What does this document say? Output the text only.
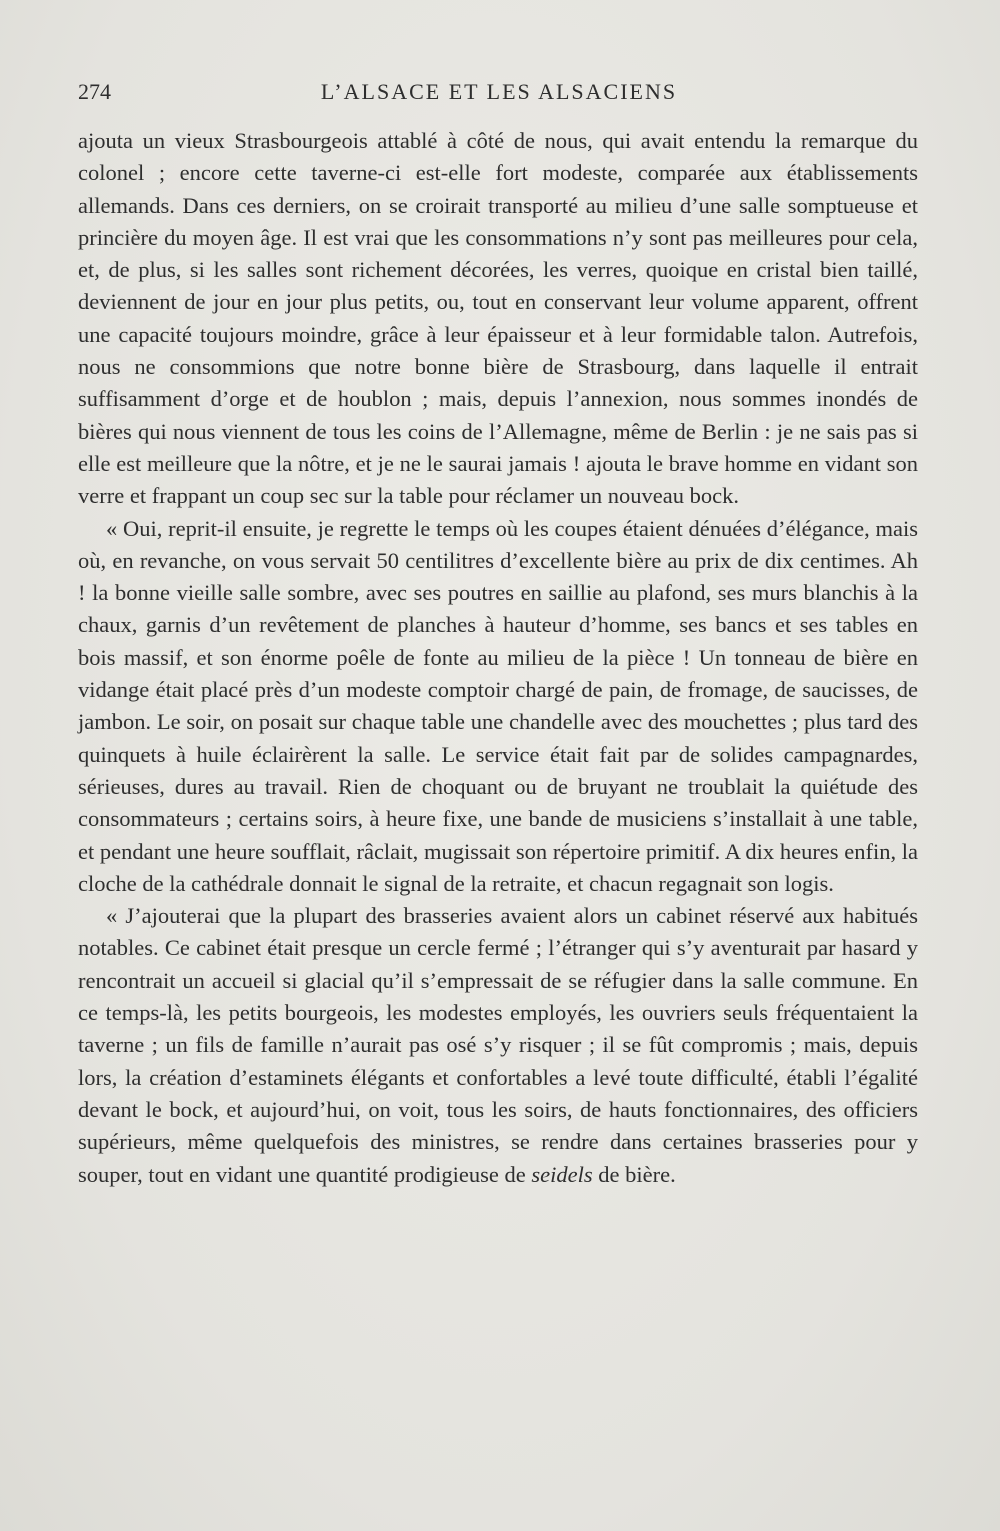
274	L’ALSACE ET LES ALSACIENS

ajouta un vieux Strasbourgeois attablé à côté de nous, qui avait entendu la remarque du colonel ; encore cette taverne-ci est-elle fort modeste, comparée aux établissements allemands. Dans ces derniers, on se croirait transporté au milieu d’une salle somptueuse et princière du moyen âge. Il est vrai que les consommations n’y sont pas meilleures pour cela, et, de plus, si les salles sont richement décorées, les verres, quoique en cristal bien taillé, deviennent de jour en jour plus petits, ou, tout en conservant leur volume apparent, offrent une capacité toujours moindre, grâce à leur épaisseur et à leur formidable talon. Autrefois, nous ne consommions que notre bonne bière de Strasbourg, dans laquelle il entrait suffisamment d’orge et de houblon ; mais, depuis l’annexion, nous sommes inondés de bières qui nous viennent de tous les coins de l’Allemagne, même de Berlin : je ne sais pas si elle est meilleure que la nôtre, et je ne le saurai jamais ! ajouta le brave homme en vidant son verre et frappant un coup sec sur la table pour réclamer un nouveau bock.

« Oui, reprit-il ensuite, je regrette le temps où les coupes étaient dénuées d’élégance, mais où, en revanche, on vous servait 50 centilitres d’excellente bière au prix de dix centimes. Ah ! la bonne vieille salle sombre, avec ses poutres en saillie au plafond, ses murs blanchis à la chaux, garnis d’un revêtement de planches à hauteur d’homme, ses bancs et ses tables en bois massif, et son énorme poêle de fonte au milieu de la pièce ! Un tonneau de bière en vidange était placé près d’un modeste comptoir chargé de pain, de fromage, de saucisses, de jambon. Le soir, on posait sur chaque table une chandelle avec des mouchettes ; plus tard des quinquets à huile éclairèrent la salle. Le service était fait par de solides campagnardes, sérieuses, dures au travail. Rien de choquant ou de bruyant ne troublait la quiétude des consommateurs ; certains soirs, à heure fixe, une bande de musiciens s’installait à une table, et pendant une heure soufflait, râclait, mugissait son répertoire primitif. A dix heures enfin, la cloche de la cathédrale donnait le signal de la retraite, et chacun regagnait son logis.

« J’ajouterai que la plupart des brasseries avaient alors un cabinet réservé aux habitués notables. Ce cabinet était presque un cercle fermé ; l’étranger qui s’y aventurait par hasard y rencontrait un accueil si glacial qu’il s’empressait de se réfugier dans la salle commune. En ce temps-là, les petits bourgeois, les modestes employés, les ouvriers seuls fréquentaient la taverne ; un fils de famille n’aurait pas osé s’y risquer ; il se fût compromis ; mais, depuis lors, la création d’estaminets élégants et confortables a levé toute difficulté, établi l’égalité devant le bock, et aujourd’hui, on voit, tous les soirs, de hauts fonctionnaires, des officiers supérieurs, même quelquefois des ministres, se rendre dans certaines brasseries pour y souper, tout en vidant une quantité prodigieuse de seidels de bière.
